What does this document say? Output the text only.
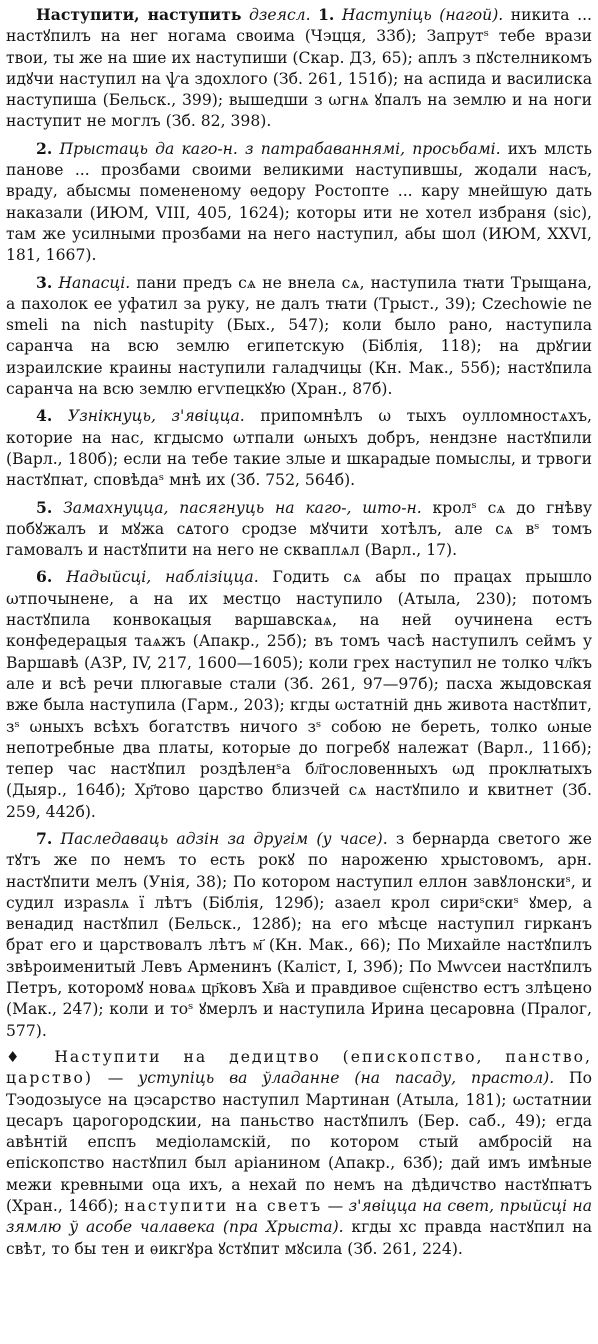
Наступити, наступить дзеясл. 1. Наступіць (нагой). никита ... настꙋпилъ на нег ногама своима (Чэцця, 33б); Запрутˢ тебе врази твои, ты же на шие их наступиши (Скар. ДЗ, 65); аплъ з пꙋстелникомъ идꙋчи наступил на ѱа здохлого (Зб. 261, 151б); на аспида и василиска наступиша (Бельск., 399); вышедши з ωгнѧ ꙋпалъ на землю и на ноги наступит не моглъ (Зб. 82, 398).

2. Прыстаць да каго-н. з патрабаваннямі, просьбамі. ихъ млсть панове ... прозбами своими великими наступившы, жодали насъ, враду, абысмы помененому ѳедору Ростопте ... кару мнейшую дать наказали (ИЮМ, VIII, 405, 1624); которы ити не хотел избраня (sic), там же усилными прозбами на него наступил, абы шол (ИЮМ, XXVI, 181, 1667).

3. Напасці. пани предъ сѧ не внела сѧ, наступила тꙗти Трыщана, а пахолок ее уфатил за руку, не далъ тꙗти (Трыст., 39); Czechowie ne smeli na nich nastupity (Бых., 547); коли было рано, наступила саранча на всю землю египетскую (Біблія, 118); на дрꙋгии израилские краины наступили галадчицы (Кн. Мак., 55б); настꙋпила саранча на всю землю егѵпецкꙋю (Хран., 87б).

4. Узнікнуць, з'явіцца. припомнѣлъ ω тыхъ оулломностѧхъ, которие на нас, кгдысмо ωтпали ωныхъ добръ, нендзне настꙋпили (Варл., 180б); если на тебе такие злые и шкарадые помыслы, и трвоги настꙋпꙗт, сповѣдаˢ мнѣ их (Зб. 752, 564б).

5. Замахнуцца, пасягнуць на каго-, што-н. кролˢ сѧ до гнѣву побꙋжалъ и мꙋжа сꙙтого сродзе мꙋчити хотѣлъ, але сѧ вˢ томъ гамовалъ и настꙋпити на него не скваплѧл (Варл., 17).

6. Надыйсці, наблізіцца. Годить сѧ абы по працах прышло ωтпочынене, а на их местцо наступило (Атыла, 230); потомъ настꙋпила конвокацыя варшавскаѧ, на ней оучинена естъ конфедерацыя таѧжъ (Апакр., 25б); въ томъ часѣ наступилъ сеймъ у Варшавѣ (АЗР, IV, 217, 1600—1605); коли грех наступил не толко чл҃къ але и всѣ речи плюгавые стали (Зб. 261, 97—97б); пасха жыдовская вже была наступила (Гарм., 203); кгды ωстатній днь живота настꙋпит, зˢ ωныхъ всѣхъ богатствъ ничого зˢ собою не береть, толко ωные непотребные два платы, которые до погребꙋ належат (Варл., 116б); тепер час настꙋпил роздѣленˢа бл҃гословенныхъ ωд проклꙗтыхъ (Дыяр., 164б); Хр҃тово царство близчей сѧ настꙋпило и квитнет (Зб. 259, 442б).

7. Паследаваць адзін за другім (у часе). з бернарда светого же тꙋтъ же по немъ то есть рокꙋ по нароженю хрыстовомъ, арн. настꙋпити мелъ (Унія, 38); По котором наступил еллон завꙋлонскиˢ, и судил израѕлѧ ї лѣтъ (Біблія, 129б); азаел крол сириˢскиˢ ꙋмер, а венадид настꙋпил (Бельск., 128б); на его мѣсце наступил гирканъ брат его и царствовалъ лѣтъ м҃ (Кн. Мак., 66); По Михайле настꙋпилъ звѣроименитый Левъ Арменинъ (Каліст, І, 39б); По Мѡѵсеи настꙋпилъ Петръ, которомꙋ новаѧ цр҃ковъ Хв҃а и правдивое сщ҃енство естъ злѣцено (Мак., 247); коли и тоˢ ꙋмерлъ и наступила Ирина цесаровна (Пралог, 577).

♦ Наступити на дедицтво (епископство, панство, царство) — уступіць ва ўладанне (на пасаду, прастол). По Тэодозыусе на цэсарство наступил Мартинан (Атыла, 181); ωстатнии цесаръ царогородскии, на паньство настꙋпилъ (Бер. саб., 49); егда авѣнтій епспъ медіоламскій, по котором стый амбросій на епіскопство настꙋпил был аріанином (Апакр., 63б); дай имъ имѣные межи кревными оца ихъ, а нехай по немъ на дѣдичство настꙋпꙗтъ (Хран., 146б); наступити на светъ — з'явіцца на свет, прыйсці на зямлю ў асобе чалавека (пра Хрыста). кгды хс правда настꙋпил на свѣт, то бы тен и ѳикгꙋра ꙋстꙋпит мꙋсила (Зб. 261, 224).
